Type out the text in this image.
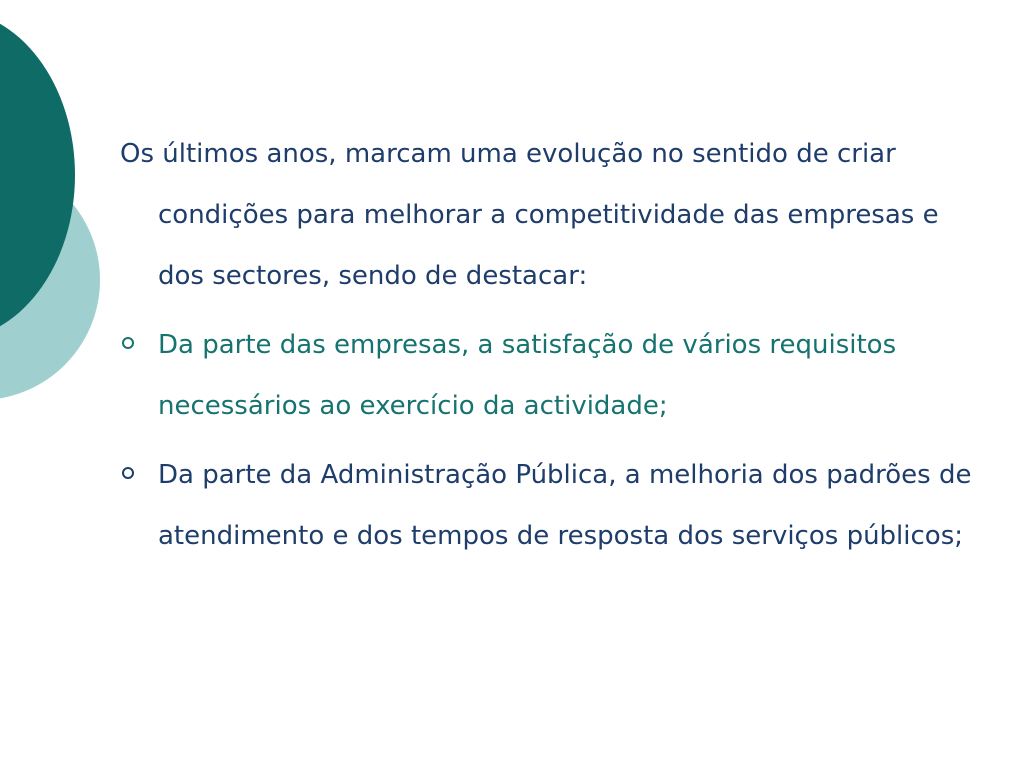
Os últimos anos, marcam uma evolução no sentido de criar condições para melhorar a competitividade das empresas e dos sectores, sendo de destacar:

Da parte das empresas, a satisfação de vários requisitos necessários ao exercício da actividade;
Da parte da Administração Pública, a melhoria dos padrões de atendimento e dos tempos de resposta dos serviços públicos;
